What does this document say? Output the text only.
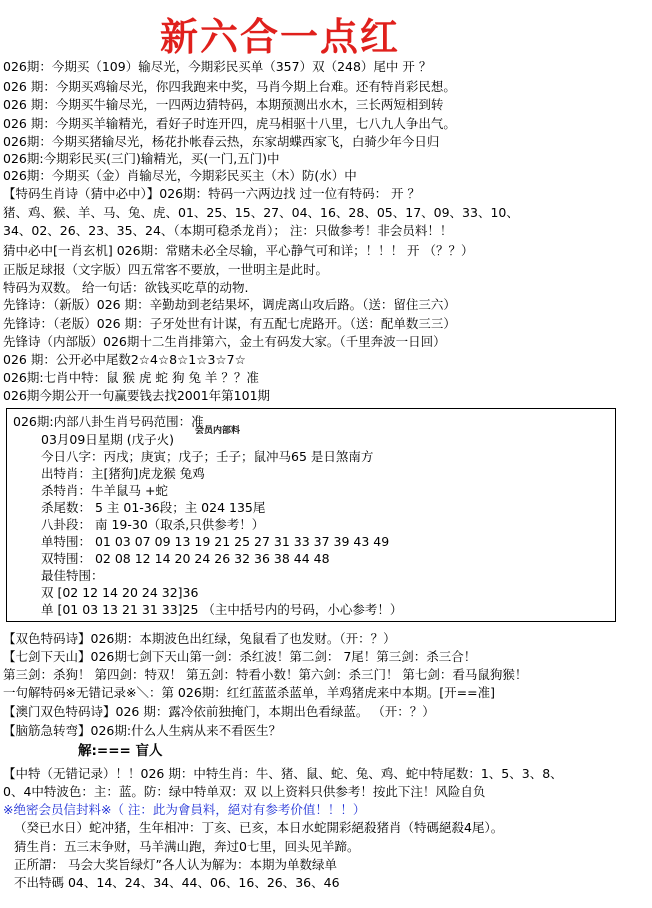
新六合一点红
026期：今期买（109）输尽光，今期彩民买单（357）双（248）尾中 开 ？
026 期：今期买鸡输尽光，你四我跑来中奖，马肖今期上台难。还有特肖彩民想。
026 期：今期买牛输尽光，一四两边猜特码，本期预测出水木，三长两短相到转
026 期：今期买羊输精光，看好子时连开四，虎马相驱十八里，七八九人争出气。
026期：今期买猪输尽光，杨花扑帐春云热，东家胡蝶西家飞，白骑少年今日归
026期:今期彩民买(三门)输精光，买(一门,五门)中
026期：今期买（金）肖输尽光，今期彩民买主（木）防(水）中
【特码生肖诗（猜中必中）】026期：特码一六两边找 过一位有特码： 开 ？
猪、鸡、猴、羊、马、兔、虎、01、25、15、27、04、16、28、05、17、09、33、10、
34、02、26、23、35、24、（本期可稳杀龙肖）； 注：只做参考！非会员料！！
猜中必中[一肖玄机] 026期：常赌未必全尽输，平心静气可和详；！！！ 开 （？？）
正版足球报（文字版）四五常客不要放，一世明主是此时。
特码为双数。 给一句话：欲钱买吃草的动物.
先锋诗：（新版）026 期：辛勤劫到老结果坏，调虎离山攻后路。（送：留住三六）
先锋诗：（老版）026 期：子牙处世有计谋，有五配七虎路开。（送：配单数三三）
先锋诗（内部版）026期十二生肖排第六，金土有码发大家。（千里奔波一日回）
026 期：公开必中尾数2☆4☆8☆1☆3☆7☆
026期:七肖中特：鼠 猴 虎 蛇 狗 兔 羊 ？？准
026期今期公开一句赢要钱去找2001年第101期
026期:内部八卦生肖号码范围：准
会员内部料
03月09日星期 (戊子火)
今日八字：丙戌；庚寅；戊子；壬子；鼠冲马65 是日煞南方
出特肖：主[猪狗]虎龙猴 兔鸡
杀特肖：牛羊鼠马 +蛇
杀尾数： 5 主 01-36段；主 024 135尾
八卦段： 南 19-30（取杀,只供参考！）
单特围： 01 03 07 09 13 19 21 25 27 31 33 37 39 43 49
双特围： 02 08 12 14 20 24 26 32 36 38 44 48
最佳特围：
双 [02 12 14 20 24 32]36
单 [01 03 13 21 31 33]25 （主中括号内的号码，小心参考！）
【双色特码诗】026期：本期波色出红绿，兔鼠看了也发财。（开：？）
【七剑下天山】026期七剑下天山第一剑：杀红波！第二剑： 7尾！第三剑：杀三合！
第三剑：杀狗！ 第四剑：特双！ 第五剑：特看小数！第六剑：杀三门！ 第七剑：看马鼠狗猴！
一句解特码※无错记录※＼：第 026期：红红蓝蓝杀蓝单，羊鸡猪虎来中本期。[开==准]
【澳门双色特码诗】026 期：露冷依前独掩门，本期出色看绿蓝。 （开：？）
【脑筋急转弯】026期:什么人生病从来不看医生？
解:=== 盲人
【中特（无错记录）！！026 期：中特生肖：牛、猪、鼠、蛇、兔、鸡、蛇中特尾数：1、5、3、8、
0、4中特波色：主：蓝。防：绿中特单双：双 以上资料只供参考！按此下注！风险自负
※绝密会员信封料※（ 注：此为會員料，絕对有参考价值！！！）
（癸已水日）蛇冲猪，生年相冲：丁亥、已亥，本日水蛇開彩絕殺猪肖（特碼絕殺4尾）。
猜生肖：五三末争财，马羊满山跑，奔过0七里，回头见羊蹄。
正所謂： 马会大奖旨绿灯”各人认为解为：本期为单数绿单
不出特碼 04、14、24、34、44、06、16、26、36、46
